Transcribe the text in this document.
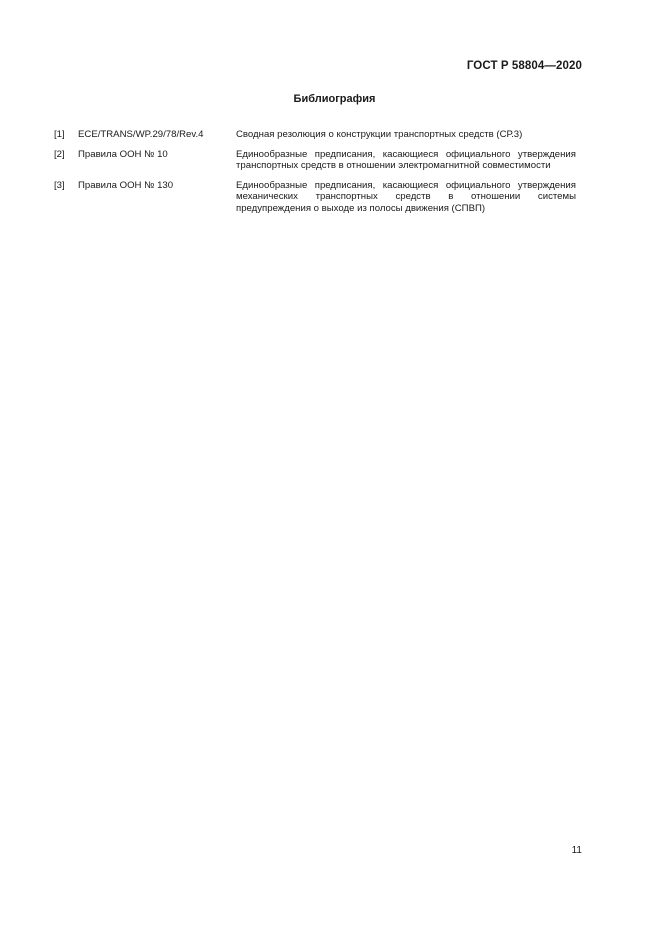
ГОСТ Р 58804—2020
Библиография
[1]	ECE/TRANS/WP.29/78/Rev.4	Сводная резолюция о конструкции транспортных средств (СР.3)
[2]	Правила ООН № 10	Единообразные предписания, касающиеся официального утверждения транспортных средств в отношении электромагнитной совместимости
[3]	Правила ООН № 130	Единообразные предписания, касающиеся официального утверждения механических транспортных средств в отношении системы предупреждения о выходе из полосы движения (СПВП)
11
